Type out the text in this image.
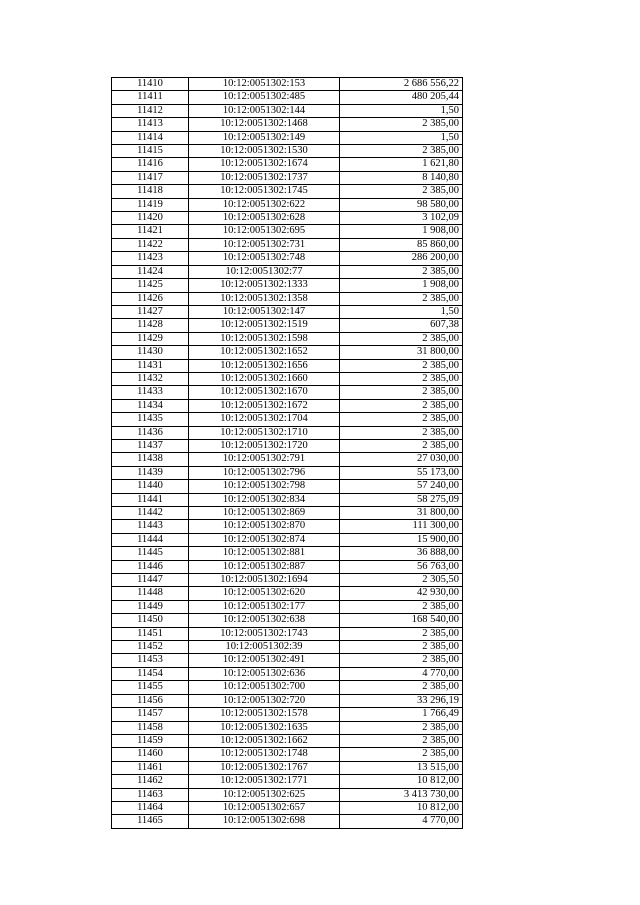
11410	10:12:0051302:153	2 686 556,22
11411	10:12:0051302:485	480 205,44
11412	10:12:0051302:144	1,50
11413	10:12:0051302:1468	2 385,00
11414	10:12:0051302:149	1,50
11415	10:12:0051302:1530	2 385,00
11416	10:12:0051302:1674	1 621,80
11417	10:12:0051302:1737	8 140,80
11418	10:12:0051302:1745	2 385,00
11419	10:12:0051302:622	98 580,00
11420	10:12:0051302:628	3 102,09
11421	10:12:0051302:695	1 908,00
11422	10:12:0051302:731	85 860,00
11423	10:12:0051302:748	286 200,00
11424	10:12:0051302:77	2 385,00
11425	10:12:0051302:1333	1 908,00
11426	10:12:0051302:1358	2 385,00
11427	10:12:0051302:147	1,50
11428	10:12:0051302:1519	607,38
11429	10:12:0051302:1598	2 385,00
11430	10:12:0051302:1652	31 800,00
11431	10:12:0051302:1656	2 385,00
11432	10:12:0051302:1660	2 385,00
11433	10:12:0051302:1670	2 385,00
11434	10:12:0051302:1672	2 385,00
11435	10:12:0051302:1704	2 385,00
11436	10:12:0051302:1710	2 385,00
11437	10:12:0051302:1720	2 385,00
11438	10:12:0051302:791	27 030,00
11439	10:12:0051302:796	55 173,00
11440	10:12:0051302:798	57 240,00
11441	10:12:0051302:834	58 275,09
11442	10:12:0051302:869	31 800,00
11443	10:12:0051302:870	111 300,00
11444	10:12:0051302:874	15 900,00
11445	10:12:0051302:881	36 888,00
11446	10:12:0051302:887	56 763,00
11447	10:12:0051302:1694	2 305,50
11448	10:12:0051302:620	42 930,00
11449	10:12:0051302:177	2 385,00
11450	10:12:0051302:638	168 540,00
11451	10:12:0051302:1743	2 385,00
11452	10:12:0051302:39	2 385,00
11453	10:12:0051302:491	2 385,00
11454	10:12:0051302:636	4 770,00
11455	10:12:0051302:700	2 385,00
11456	10:12:0051302:720	33 296,19
11457	10:12:0051302:1578	1 766,49
11458	10:12:0051302:1635	2 385,00
11459	10:12:0051302:1662	2 385,00
11460	10:12:0051302:1748	2 385,00
11461	10:12:0051302:1767	13 515,00
11462	10:12:0051302:1771	10 812,00
11463	10:12:0051302:625	3 413 730,00
11464	10:12:0051302:657	10 812,00
11465	10:12:0051302:698	4 770,00
